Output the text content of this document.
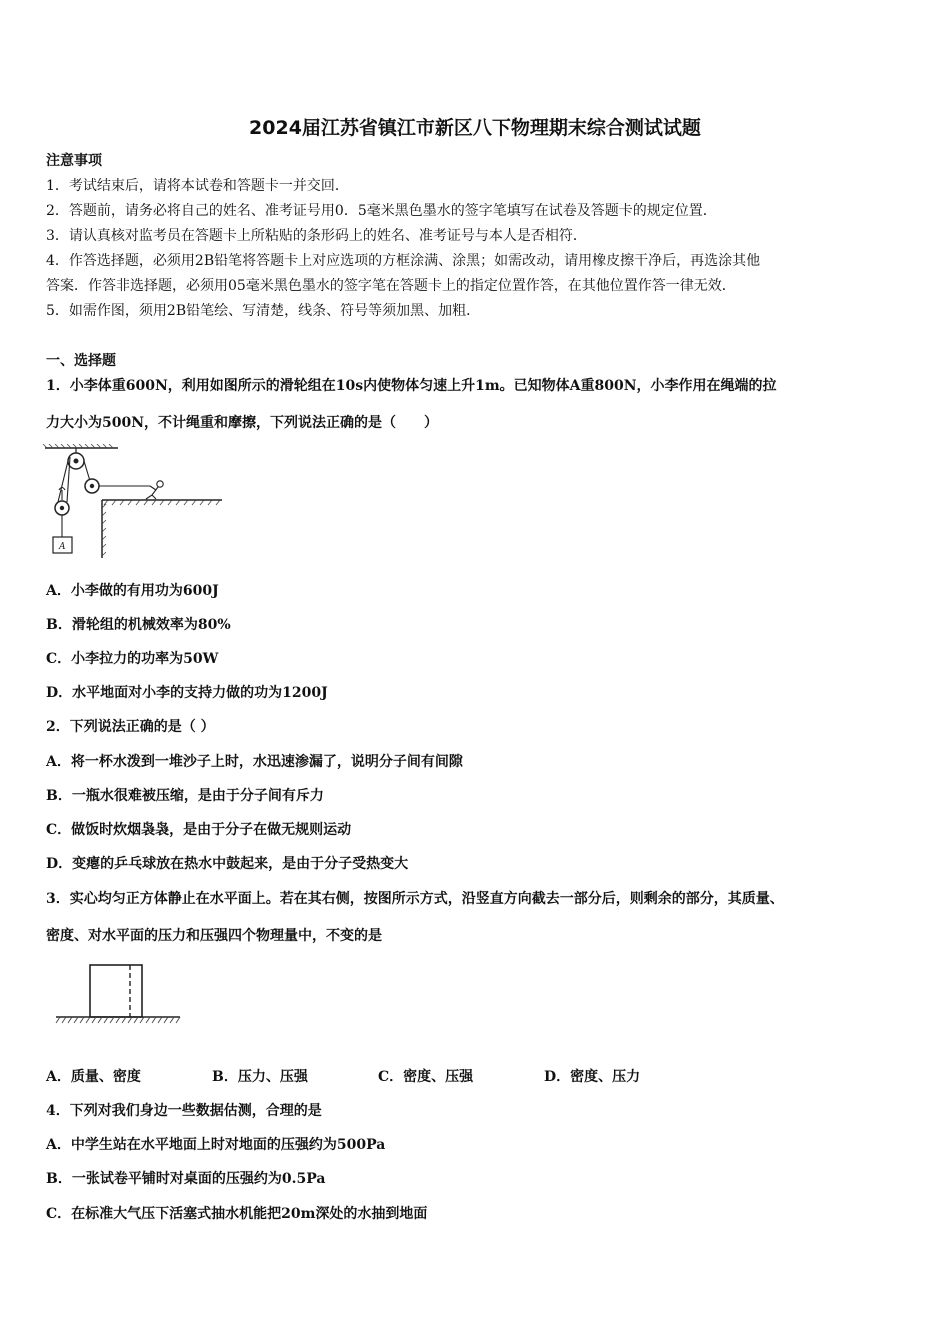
2024届江苏省镇江市新区八下物理期末综合测试试题
注意事项
1．考试结束后，请将本试卷和答题卡一并交回．
2．答题前，请务必将自己的姓名、准考证号用0．5毫米黑色墨水的签字笔填写在试卷及答题卡的规定位置．
3．请认真核对监考员在答题卡上所粘贴的条形码上的姓名、准考证号与本人是否相符．
4．作答选择题，必须用2B铅笔将答题卡上对应选项的方框涂满、涂黑；如需改动，请用橡皮擦干净后，再选涂其他
答案．作答非选择题，必须用05毫米黑色墨水的签字笔在答题卡上的指定位置作答，在其他位置作答一律无效．
5．如需作图，须用2B铅笔绘、写清楚，线条、符号等须加黑、加粗．
一、选择题
1．小李体重600N，利用如图所示的滑轮组在10s内使物体匀速上升1m。已知物体A重800N，小李作用在绳端的拉
力大小为500N，不计绳重和摩擦，下列说法正确的是（　　）
A
A．小李做的有用功为600J
B．滑轮组的机械效率为80%
C．小李拉力的功率为50W
D．水平地面对小李的支持力做的功为1200J
2．下列说法正确的是（ ）
A．将一杯水泼到一堆沙子上时，水迅速渗漏了，说明分子间有间隙
B．一瓶水很难被压缩，是由于分子间有斥力
C．做饭时炊烟袅袅，是由于分子在做无规则运动
D．变瘪的乒乓球放在热水中鼓起来，是由于分子受热变大
3．实心均匀正方体静止在水平面上。若在其右侧，按图所示方式，沿竖直方向截去一部分后，则剩余的部分，其质量、
密度、对水平面的压力和压强四个物理量中，不变的是
A．质量、密度	B．压力、压强	C．密度、压强	D．密度、压力
4．下列对我们身边一些数据估测，合理的是
A．中学生站在水平地面上时对地面的压强约为500Pa
B．一张试卷平铺时对桌面的压强约为0.5Pa
C．在标准大气压下活塞式抽水机能把20m深处的水抽到地面
